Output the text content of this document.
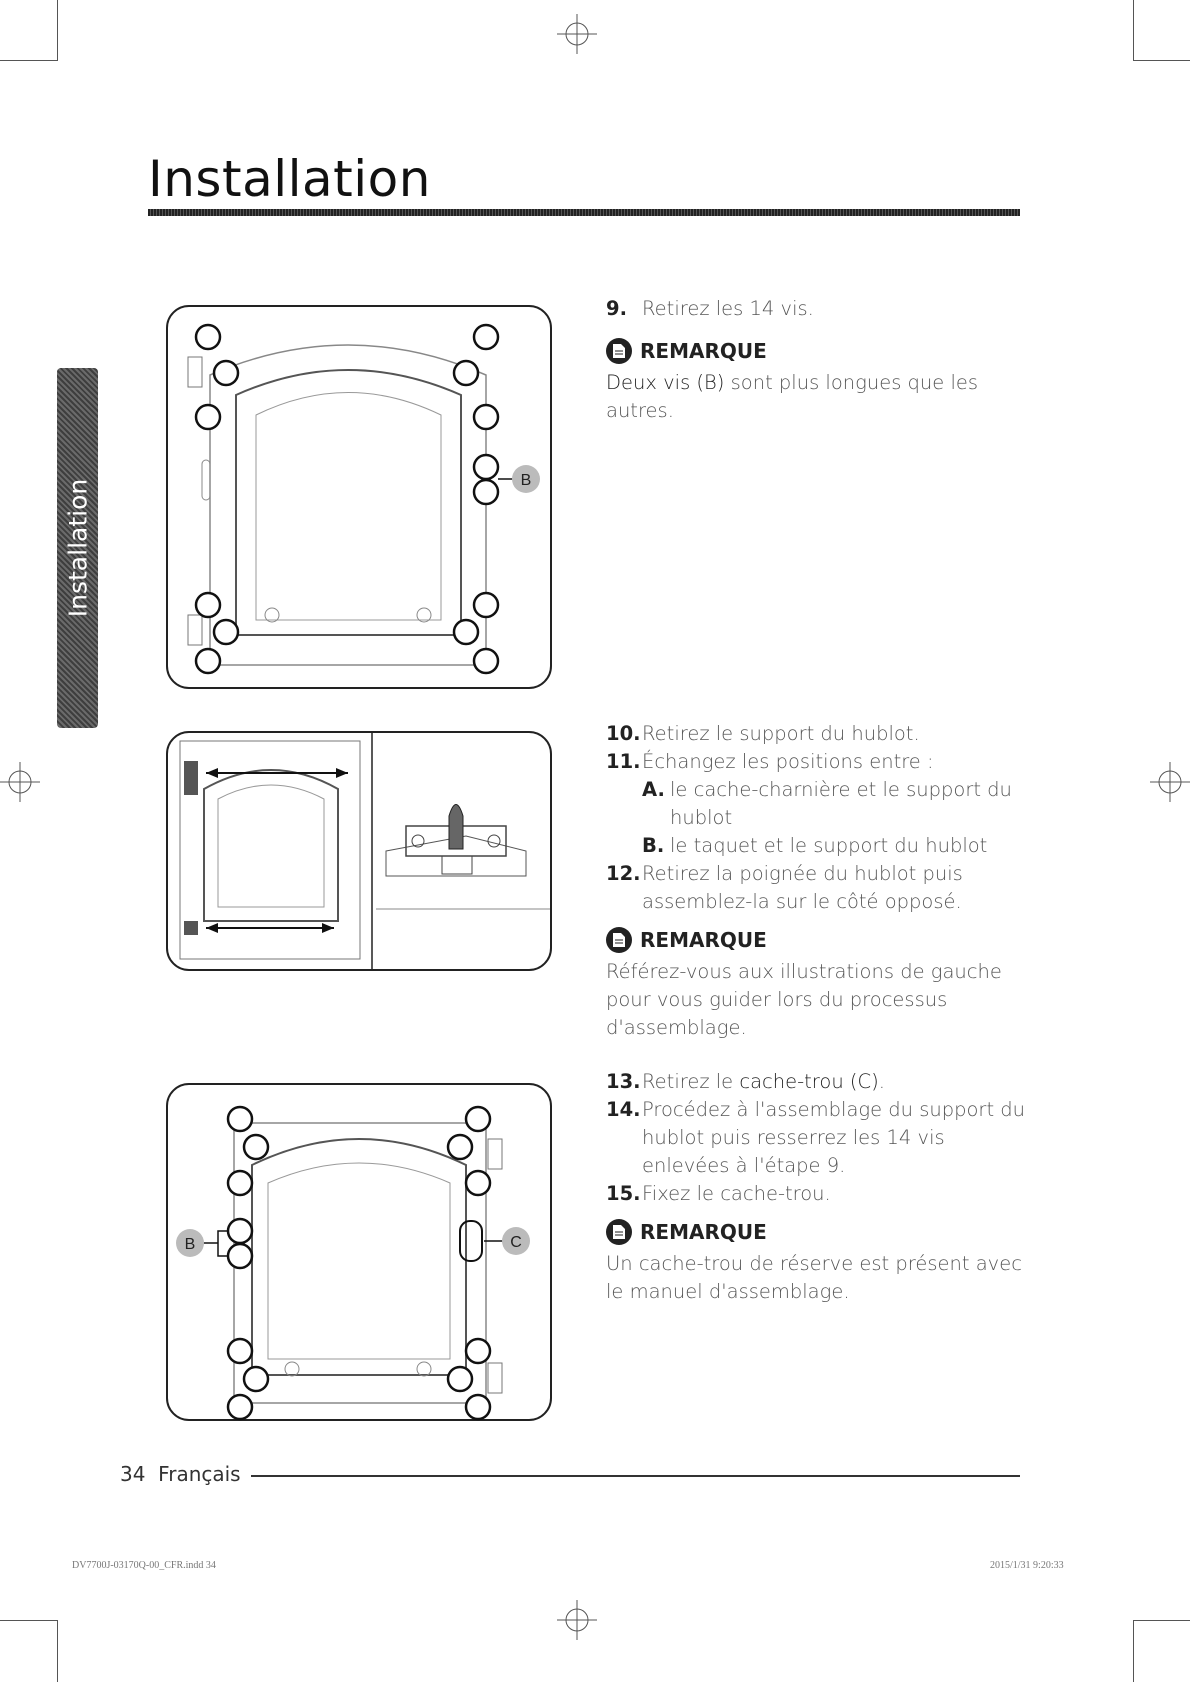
Installation
Installation	B
B	C
9. Retirez les 14 vis.
REMARQUE
Deux vis (B) sont plus longues que les autres.
10. Retirez le support du hublot.
11. Échangez les positions entre :
A. le cache-charnière et le support du hublot
B. le taquet et le support du hublot
12. Retirez la poignée du hublot puis assemblez-la sur le côté opposé.
REMARQUE
Référez-vous aux illustrations de gauche pour vous guider lors du processus d'assemblage.
13. Retirez le cache-trou (C).
14. Procédez à l'assemblage du support du hublot puis resserrez les 14 vis enlevées à l'étape 9.
15. Fixez le cache-trou.
REMARQUE
Un cache-trou de réserve est présent avec le manuel d'assemblage.
34 Français
DV7700J-03170Q-00_CFR.indd 34	2015/1/31 9:20:33
